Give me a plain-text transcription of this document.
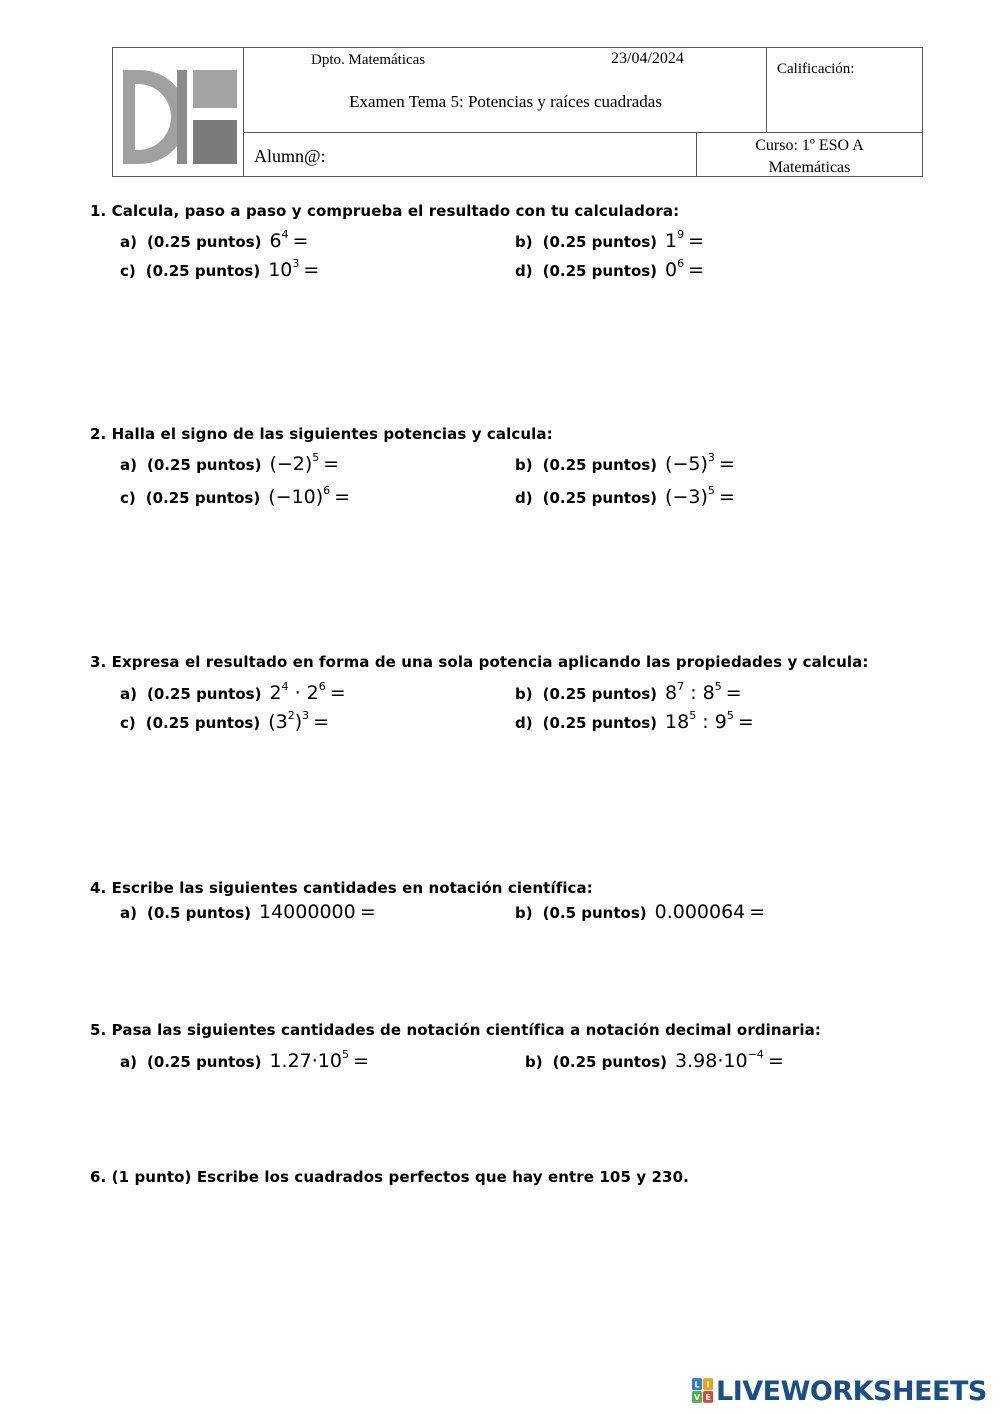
Dpto. Matemáticas	23/04/2024
Examen Tema 5: Potencias y raíces cuadradas
Calificación:
Alumn@:
Curso: 1º ESO A
Matemáticas
1. Calcula, paso a paso y comprueba el resultado con tu calculadora:
a) (0.25 puntos) $6^4$ =	b) (0.25 puntos) $1^9$ =
c) (0.25 puntos) $10^3$ =	d) (0.25 puntos) $0^6$ =
2. Halla el signo de las siguientes potencias y calcula:
a) (0.25 puntos) $(-2)^5$ =	b) (0.25 puntos) $(-5)^3$ =
c) (0.25 puntos) $(-10)^6$ =	d) (0.25 puntos) $(-3)^5$ =
3. Expresa el resultado en forma de una sola potencia aplicando las propiedades y calcula:
a) (0.25 puntos) $2^4 \cdot 2^6$ =	b) (0.25 puntos) $8^7$ : $8^5$ =
c) (0.25 puntos) $(3^2)^3$ =	d) (0.25 puntos) $18^5$ : $9^5$ =
4. Escribe las siguientes cantidades en notación científica:
a) (0.5 puntos) 14000000 =	b) (0.5 puntos) 0.000064 =
5. Pasa las siguientes cantidades de notación científica a notación decimal ordinaria:
a) (0.25 puntos) $1.27\cdot 10^5$ =	b) (0.25 puntos) $3.98\cdot 10^{-4}$ =
6. (1 punto) Escribe los cuadrados perfectos que hay entre 105 y 230.
L I
V E LIVEWORKSHEETS
